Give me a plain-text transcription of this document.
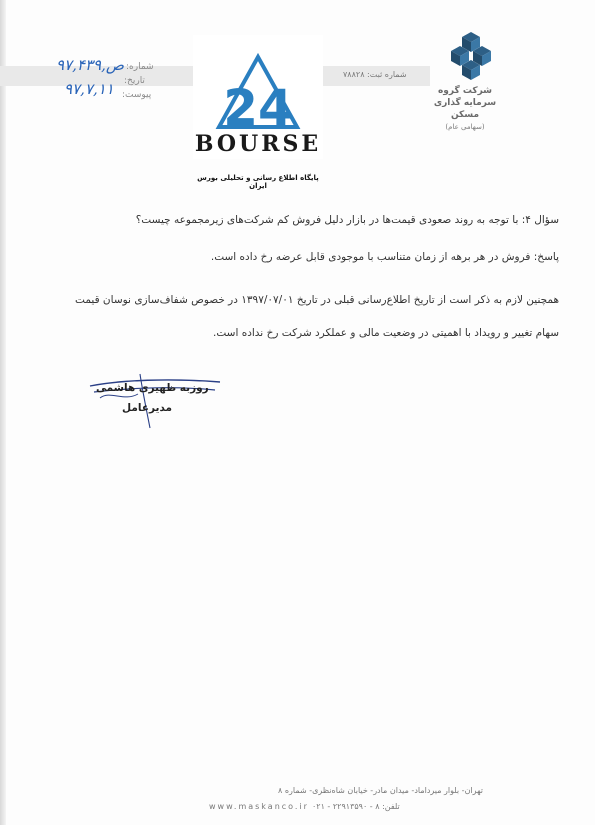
شماره:
تاریخ:
پیوست:
ص,۹۷,۴۳۹
۹۷,۷,۱۱
شماره ثبت: ۷۸۸۲۸
24
BOURSE
پایگاه اطلاع رسانی و تحلیلی بورس ایران
شرکت گروه
سرمایه گذاری
مسکن
(سهامی عام)
سؤال ۴: با توجه به روند صعودی قیمت‌ها در بازار دلیل فروش کم شرکت‌های زیرمجموعه چیست؟
پاسخ: فروش در هر برهه از زمان متناسب با موجودی قابل عرضه رخ داده است.
همچنین لازم به ذکر است از تاریخ اطلاع‌رسانی قبلی در تاریخ ۱۳۹۷/۰۷/۰۱ در خصوص شفاف‌سازی نوسان قیمت
سهام تغییر و رویداد با اهمیتی در وضعیت مالی و عملکرد شرکت رخ نداده است.
روزبه ظهیری هاشمی
مدیرعامل
تهران- بلوار میرداماد- میدان مادر- خیابان شاه‌نظری- شماره ۸
www.maskanco.ir تلفن: ۸ - ۲۲۹۱۳۵۹۰ - ۰۲۱
